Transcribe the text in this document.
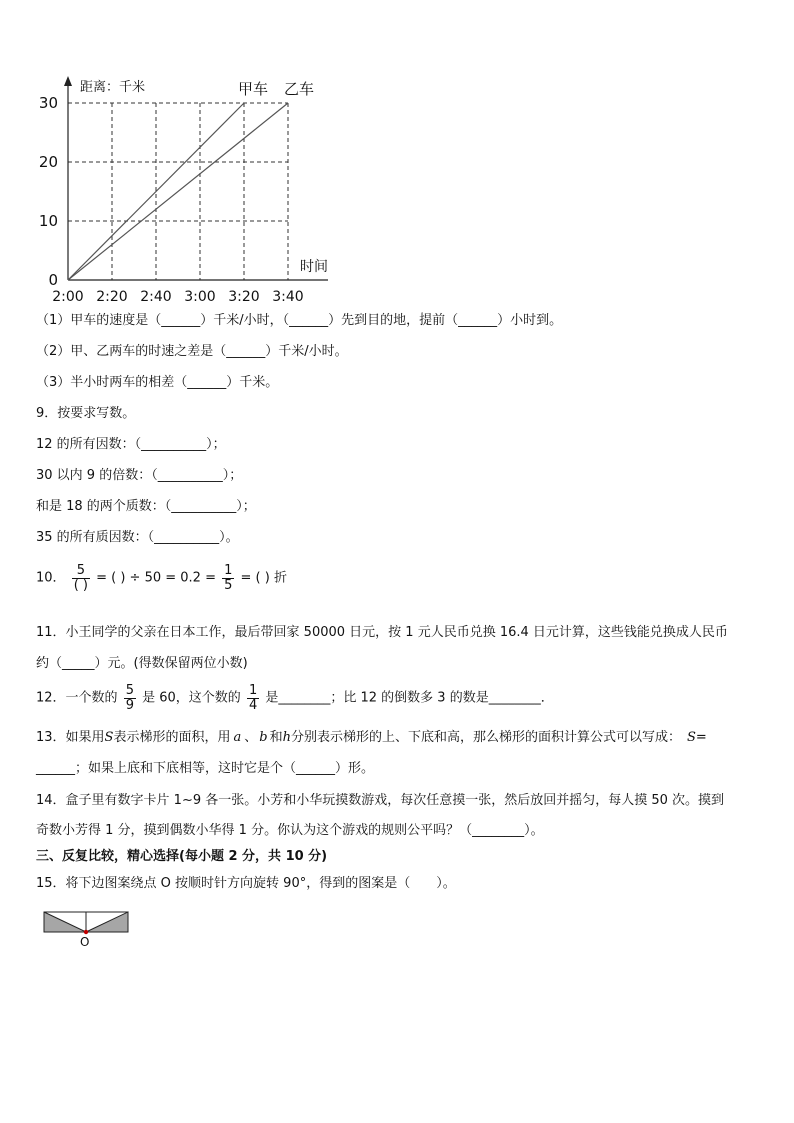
0
10
20
30
2:00 2:20 2:40 3:00 3:20 3:40
距离：千米
时间
甲车 乙车
（1）甲车的速度是（______）千米/小时，（______）先到目的地，提前（______）小时到。
（2）甲、乙两车的时速之差是（______）千米/小时。
（3）半小时两车的相差（______）千米。
9．按要求写数。
12 的所有因数：（__________）；
30 以内 9 的倍数：（__________）；
和是 18 的两个质数：（__________）；
35 的所有质因数：（__________）。
10． $\frac{5}{( )}$ = ( ) ÷ $50 = 0.2 = \frac{1}{5}$ = ( ) 折
11．小王同学的父亲在日本工作，最后带回家 50000 日元，按 1 元人民币兑换 16.4 日元计算，这些钱能兑换成人民币
约（_____）元。(得数保留两位小数)
12．一个数的 $\frac{5}{9}$ 是 60，这个数的 $\frac{1}{4}$ 是________；比 12 的倒数多 3 的数是________．
13．如果用S表示梯形的面积，用 a 、 b 和h分别表示梯形的上、下底和高，那么梯形的面积计算公式可以写成： S=
______；如果上底和下底相等，这时它是个（______）形。
14．盒子里有数字卡片 1~9 各一张。小芳和小华玩摸数游戏，每次任意摸一张，然后放回并摇匀，每人摸 50 次。摸到
奇数小芳得 1 分，摸到偶数小华得 1 分。你认为这个游戏的规则公平吗？（________）。
三、反复比较，精心选择(每小题 2 分，共 10 分)
15．将下边图案绕点 O 按顺时针方向旋转 90°，得到的图案是（　　）。
O
